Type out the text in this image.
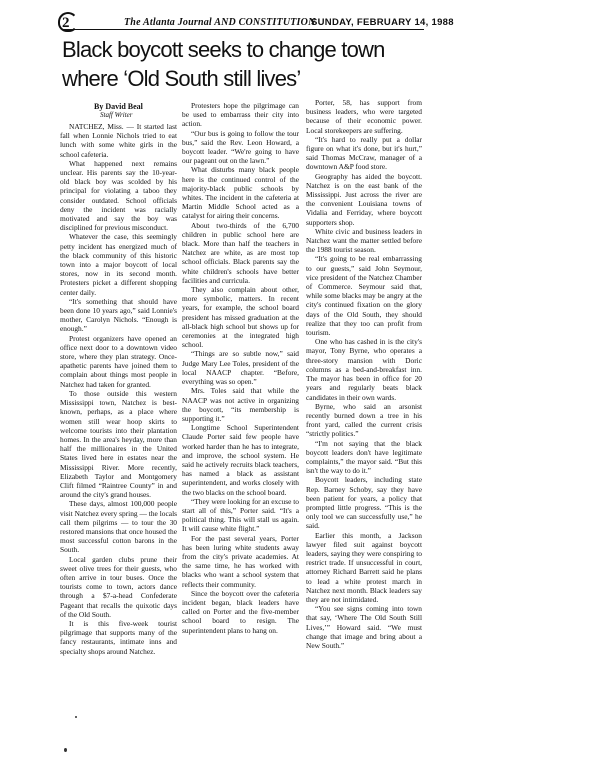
2	The Atlanta Journal AND CONSTITUTION
SUNDAY, FEBRUARY 14, 1988
Black boycott seeks to change town where ‘Old South still lives’

By David Beal

Staff Writer

NATCHEZ, Miss. — It started last fall when Lonnie Nichols tried to eat lunch with some white girls in the school cafeteria.

What happened next remains unclear. His parents say the 10-year-old black boy was scolded by his principal for violating a taboo they consider outdated. School officials deny the incident was racially motivated and say the boy was disciplined for previous misconduct.

Whatever the case, this seemingly petty incident has energized much of the black community of this historic town into a major boycott of local stores, now in its second month. Protesters picket a different shopping center daily.

“It's something that should have been done 10 years ago,” said Lonnie's mother, Carolyn Nichols. “Enough is enough.”

Protest organizers have opened an office next door to a downtown video store, where they plan strategy. Once-apathetic parents have joined them to complain about things most people in Natchez had taken for granted.

To those outside this western Mississippi town, Natchez is best-known, perhaps, as a place where women still wear hoop skirts to welcome tourists into their plantation homes. In the area's heyday, more than half the millionaires in the United States lived here in estates near the Mississippi River. More recently, Elizabeth Taylor and Montgomery Clift filmed “Raintree County” in and around the city's grand houses.

These days, almost 100,000 people visit Natchez every spring — the locals call them pilgrims — to tour the 30 restored mansions that once housed the most successful cotton barons in the South.

Local garden clubs prune their sweet olive trees for their guests, who often arrive in tour buses. Once the tourists come to town, actors dance through a $7-a-head Confederate Pageant that recalls the quixotic days of the Old South.

It is this five-week tourist pilgrimage that supports many of the fancy restaurants, intimate inns and specialty shops around Natchez.

Protesters hope the pilgrimage can be used to embarrass their city into action.

“Our bus is going to follow the tour bus,” said the Rev. Leon Howard, a boycott leader. “We're going to have our pageant out on the lawn.”

What disturbs many black people here is the continued control of the majority-black public schools by whites. The incident in the cafeteria at Martin Middle School acted as a catalyst for airing their concerns.

About two-thirds of the 6,700 children in public school here are black. More than half the teachers in Natchez are white, as are most top school officials. Black parents say the white children's schools have better facilities and curricula.

They also complain about other, more symbolic, matters. In recent years, for example, the school board president has missed graduation at the all-black high school but shows up for ceremonies at the integrated high school.

“Things are so subtle now,” said Judge Mary Lee Toles, president of the local NAACP chapter. “Before, everything was so open.”

Mrs. Toles said that while the NAACP was not active in organizing the boycott, “its membership is supporting it.”

Longtime School Superintendent Claude Porter said few people have worked harder than he has to integrate, and improve, the school system. He said he actively recruits black teachers, has named a black as assistant superintendent, and works closely with the two blacks on the school board.

“They were looking for an excuse to start all of this,” Porter said. “It's a political thing. This will stall us again. It will cause white flight.”

For the past several years, Porter has been luring white students away from the city's private academies. At the same time, he has worked with blacks who want a school system that reflects their community.

Since the boycott over the cafeteria incident began, black leaders have called on Porter and the five-member school board to resign. The superintendent plans to hang on.

Porter, 58, has support from business leaders, who were targeted because of their economic power. Local storekeepers are suffering.

“It's hard to really put a dollar figure on what it's done, but it's hurt,” said Thomas McCraw, manager of a downtown A&P food store.

Geography has aided the boycott. Natchez is on the east bank of the Mississippi. Just across the river are the convenient Louisiana towns of Vidalia and Ferriday, where boycott supporters shop.

White civic and business leaders in Natchez want the matter settled before the 1988 tourist season.

“It's going to be real embarrassing to our guests,” said John Seymour, vice president of the Natchez Chamber of Commerce. Seymour said that, while some blacks may be angry at the city's continued fixation on the glory days of the Old South, they should realize that they too can profit from tourism.

One who has cashed in is the city's mayor, Tony Byrne, who operates a three-story mansion with Doric columns as a bed-and-breakfast inn. The mayor has been in office for 20 years and regularly beats black candidates in their own wards.

Byrne, who said an arsonist recently burned down a tree in his front yard, called the current crisis “strictly politics.”

“I'm not saying that the black boycott leaders don't have legitimate complaints,” the mayor said. “But this isn't the way to do it.”

Boycott leaders, including state Rep. Barney Schoby, say they have been patient for years, a policy that prompted little progress. “This is the only tool we can successfully use,” he said.

Earlier this month, a Jackson lawyer filed suit against boycott leaders, saying they were conspiring to restrict trade. If unsuccessful in court, attorney Richard Barrett said he plans to lead a white protest march in Natchez next month. Black leaders say they are not intimidated.

“You see signs coming into town that say, ‘Where The Old South Still Lives,’” Howard said. “We must change that image and bring about a New South.”
